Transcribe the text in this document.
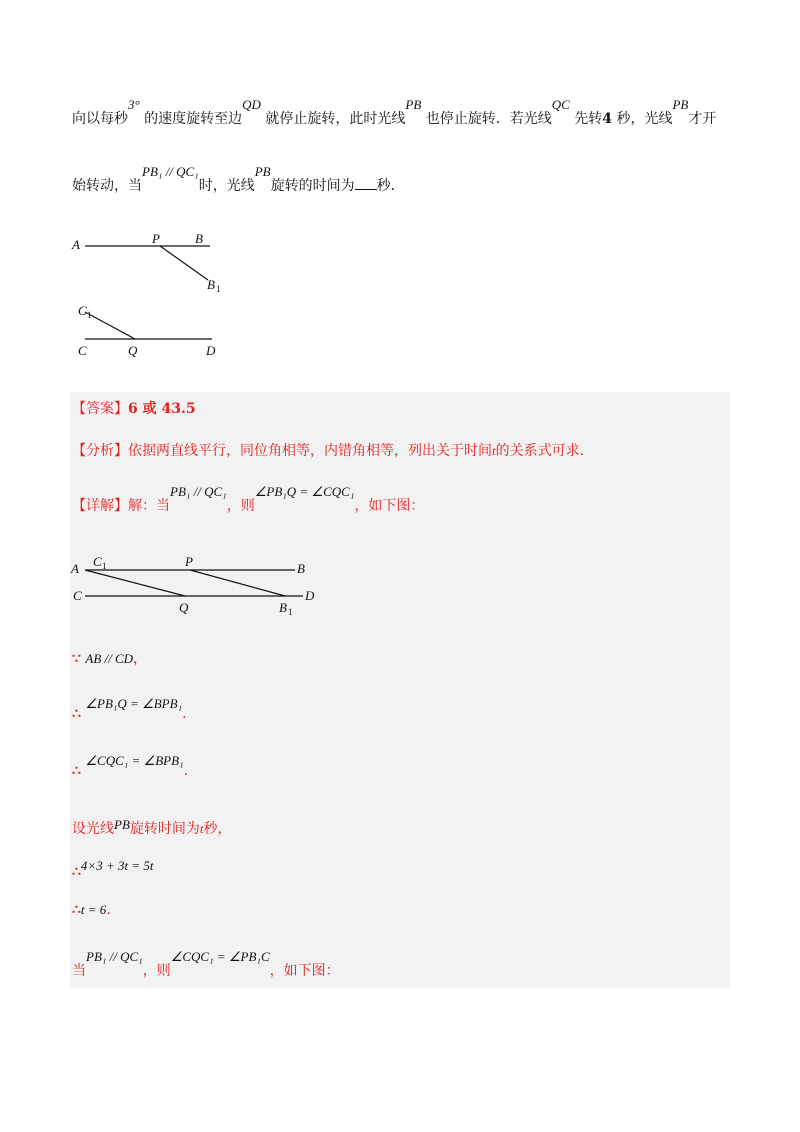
向以每秒3° 的速度旋转至边QD 就停止旋转，此时光线PB 也停止旋转．若光线QC 先转4 秒，光线PB才开
始转动，当PB₁ // QC₁时，光线PB旋转的时间为 秒．
A	P	B
B 1
C 1
C	Q	D
【答案】6 或 43.5
【分析】依据两直线平行，同位角相等，内错角相等，列出关于时间t的关系式可求．
【详解】解：当PB₁ // QC₁，则∠PB₁Q = ∠CQC₁，如下图：
A C 1	P	B
C
Q	B 1
D
∵ AB // CD，
∴ ∠PB₁Q = ∠BPB₁.
∴ ∠CQC₁ = ∠BPB₁.
设光线PB旋转时间为t秒，
∴4×3 + 3t = 5t
∴t = 6.
当PB₁ // QC₁，则∠CQC₁ = ∠PB₁C，如下图：
